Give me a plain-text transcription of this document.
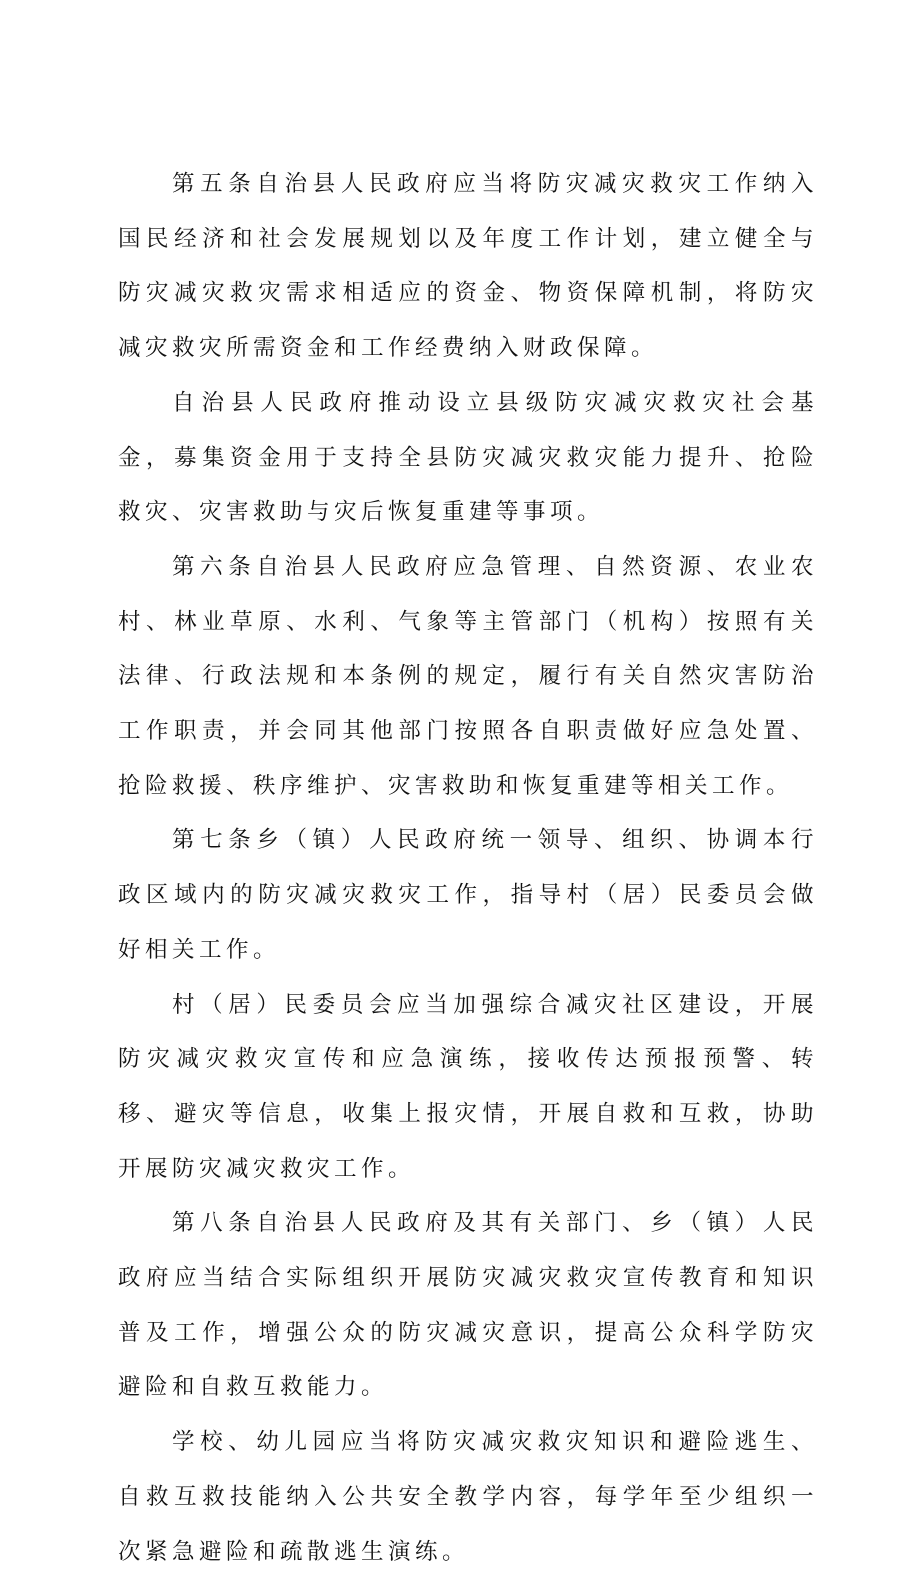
第五条自治县人民政府应当将防灾减灾救灾工作纳入国民经济和社会发展规划以及年度工作计划，建立健全与防灾减灾救灾需求相适应的资金、物资保障机制，将防灾减灾救灾所需资金和工作经费纳入财政保障。

自治县人民政府推动设立县级防灾减灾救灾社会基金，募集资金用于支持全县防灾减灾救灾能力提升、抢险救灾、灾害救助与灾后恢复重建等事项。

第六条自治县人民政府应急管理、自然资源、农业农村、林业草原、水利、气象等主管部门（机构）按照有关法律、行政法规和本条例的规定，履行有关自然灾害防治工作职责，并会同其他部门按照各自职责做好应急处置、抢险救援、秩序维护、灾害救助和恢复重建等相关工作。

第七条乡（镇）人民政府统一领导、组织、协调本行政区域内的防灾减灾救灾工作，指导村（居）民委员会做好相关工作。

村（居）民委员会应当加强综合减灾社区建设，开展防灾减灾救灾宣传和应急演练，接收传达预报预警、转移、避灾等信息，收集上报灾情，开展自救和互救，协助开展防灾减灾救灾工作。

第八条自治县人民政府及其有关部门、乡（镇）人民政府应当结合实际组织开展防灾减灾救灾宣传教育和知识普及工作，增强公众的防灾减灾意识，提高公众科学防灾避险和自救互救能力。

学校、幼儿园应当将防灾减灾救灾知识和避险逃生、自救互救技能纳入公共安全教学内容，每学年至少组织一次紧急避险和疏散逃生演练。
